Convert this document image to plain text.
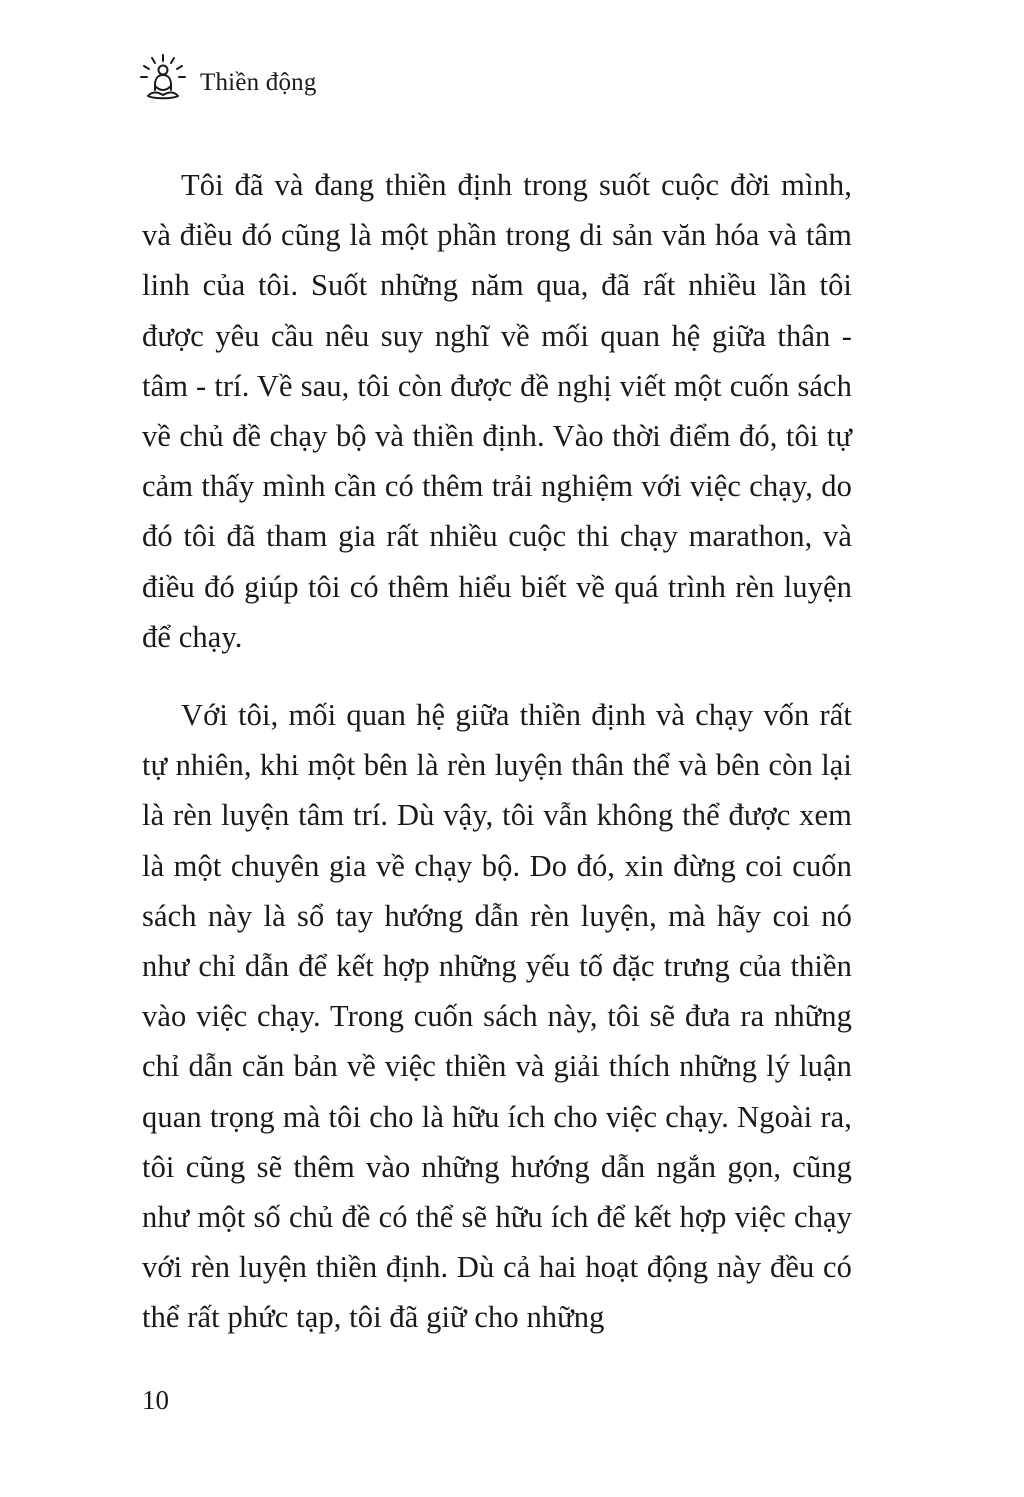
Thiền động

Tôi đã và đang thiền định trong suốt cuộc đời mình, và điều đó cũng là một phần trong di sản văn hóa và tâm linh của tôi. Suốt những năm qua, đã rất nhiều lần tôi được yêu cầu nêu suy nghĩ về mối quan hệ giữa thân - tâm - trí. Về sau, tôi còn được đề nghị viết một cuốn sách về chủ đề chạy bộ và thiền định. Vào thời điểm đó, tôi tự cảm thấy mình cần có thêm trải nghiệm với việc chạy, do đó tôi đã tham gia rất nhiều cuộc thi chạy marathon, và điều đó giúp tôi có thêm hiểu biết về quá trình rèn luyện để chạy.

Với tôi, mối quan hệ giữa thiền định và chạy vốn rất tự nhiên, khi một bên là rèn luyện thân thể và bên còn lại là rèn luyện tâm trí. Dù vậy, tôi vẫn không thể được xem là một chuyên gia về chạy bộ. Do đó, xin đừng coi cuốn sách này là sổ tay hướng dẫn rèn luyện, mà hãy coi nó như chỉ dẫn để kết hợp những yếu tố đặc trưng của thiền vào việc chạy. Trong cuốn sách này, tôi sẽ đưa ra những chỉ dẫn căn bản về việc thiền và giải thích những lý luận quan trọng mà tôi cho là hữu ích cho việc chạy. Ngoài ra, tôi cũng sẽ thêm vào những hướng dẫn ngắn gọn, cũng như một số chủ đề có thể sẽ hữu ích để kết hợp việc chạy với rèn luyện thiền định. Dù cả hai hoạt động này đều có thể rất phức tạp, tôi đã giữ cho những

10
